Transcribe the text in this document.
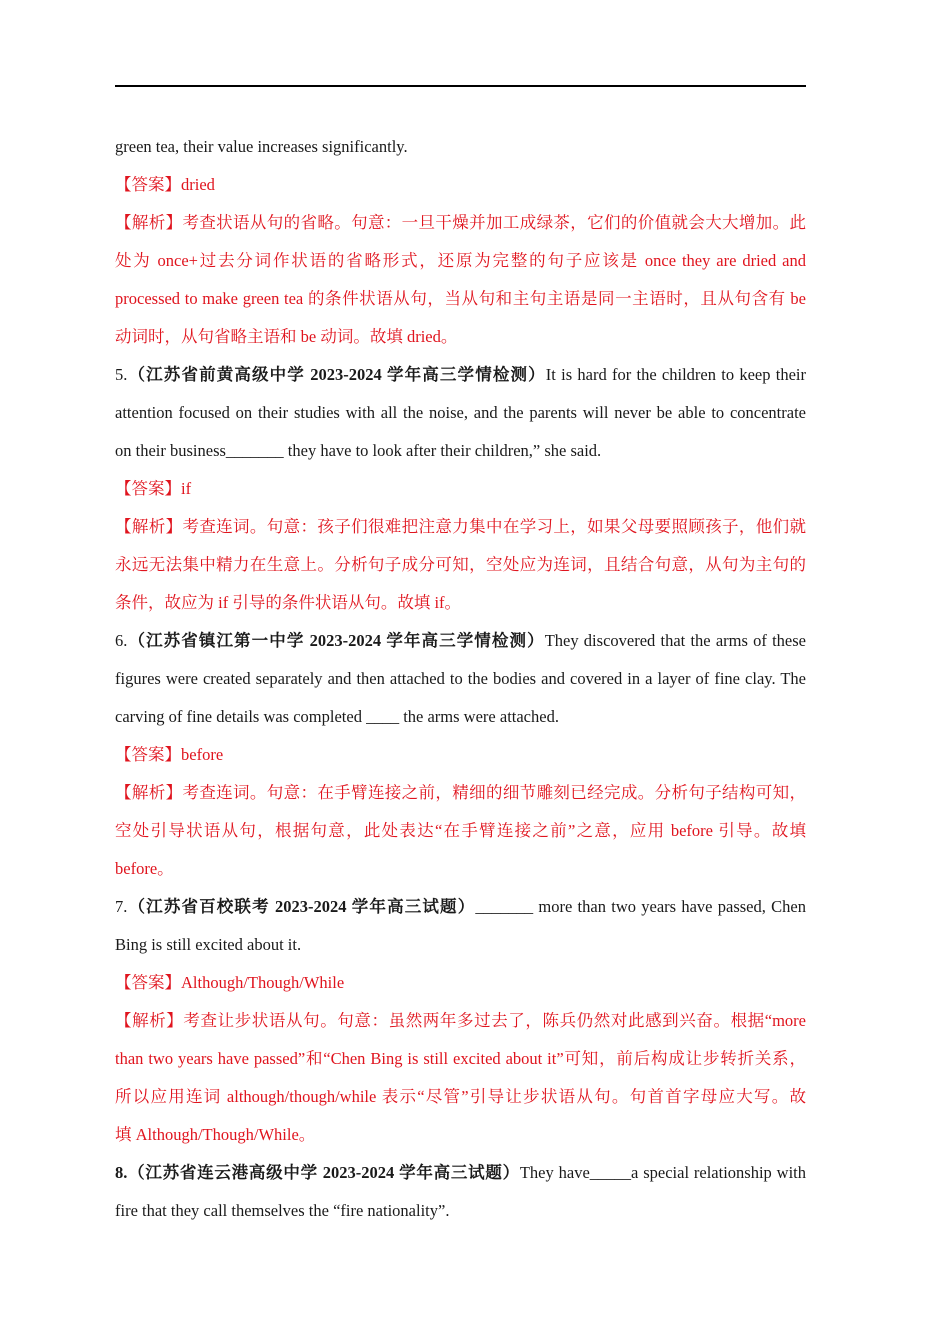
green tea, their value increases significantly.
【答案】dried
【解析】考查状语从句的省略。句意：一旦干燥并加工成绿茶，它们的价值就会大大增加。此
处为 once+过去分词作状语的省略形式，还原为完整的句子应该是 once they are dried and
processed to make green tea 的条件状语从句，当从句和主句主语是同一主语时，且从句含有 be
动词时，从句省略主语和 be 动词。故填 dried。
5.（江苏省前黄高级中学 2023-2024 学年高三学情检测）It is hard for the children to keep their
attention focused on their studies with all the noise, and the parents will never be able to concentrate
on their business_______ they have to look after their children,” she said.
【答案】if
【解析】考查连词。句意：孩子们很难把注意力集中在学习上，如果父母要照顾孩子，他们就
永远无法集中精力在生意上。分析句子成分可知，空处应为连词，且结合句意，从句为主句的
条件，故应为 if 引导的条件状语从句。故填 if。
6.（江苏省镇江第一中学 2023-2024 学年高三学情检测）They discovered that the arms of these
figures were created separately and then attached to the bodies and covered in a layer of fine clay. The
carving of fine details was completed ____ the arms were attached.
【答案】before
【解析】考查连词。句意：在手臂连接之前，精细的细节雕刻已经完成。分析句子结构可知，
空处引导状语从句，根据句意，此处表达“在手臂连接之前”之意，应用 before 引导。故填
before。
7.（江苏省百校联考 2023-2024 学年高三试题）_______ more than two years have passed, Chen
Bing is still excited about it.
【答案】Although/Though/While
【解析】考查让步状语从句。句意：虽然两年多过去了，陈兵仍然对此感到兴奋。根据“more
than two years have passed”和“Chen Bing is still excited about it”可知，前后构成让步转折关系，
所以应用连词 although/though/while 表示“尽管”引导让步状语从句。句首首字母应大写。故
填 Although/Though/While。
8.（江苏省连云港高级中学 2023-2024 学年高三试题）They have_____a special relationship with
fire that they call themselves the “fire nationality”.
